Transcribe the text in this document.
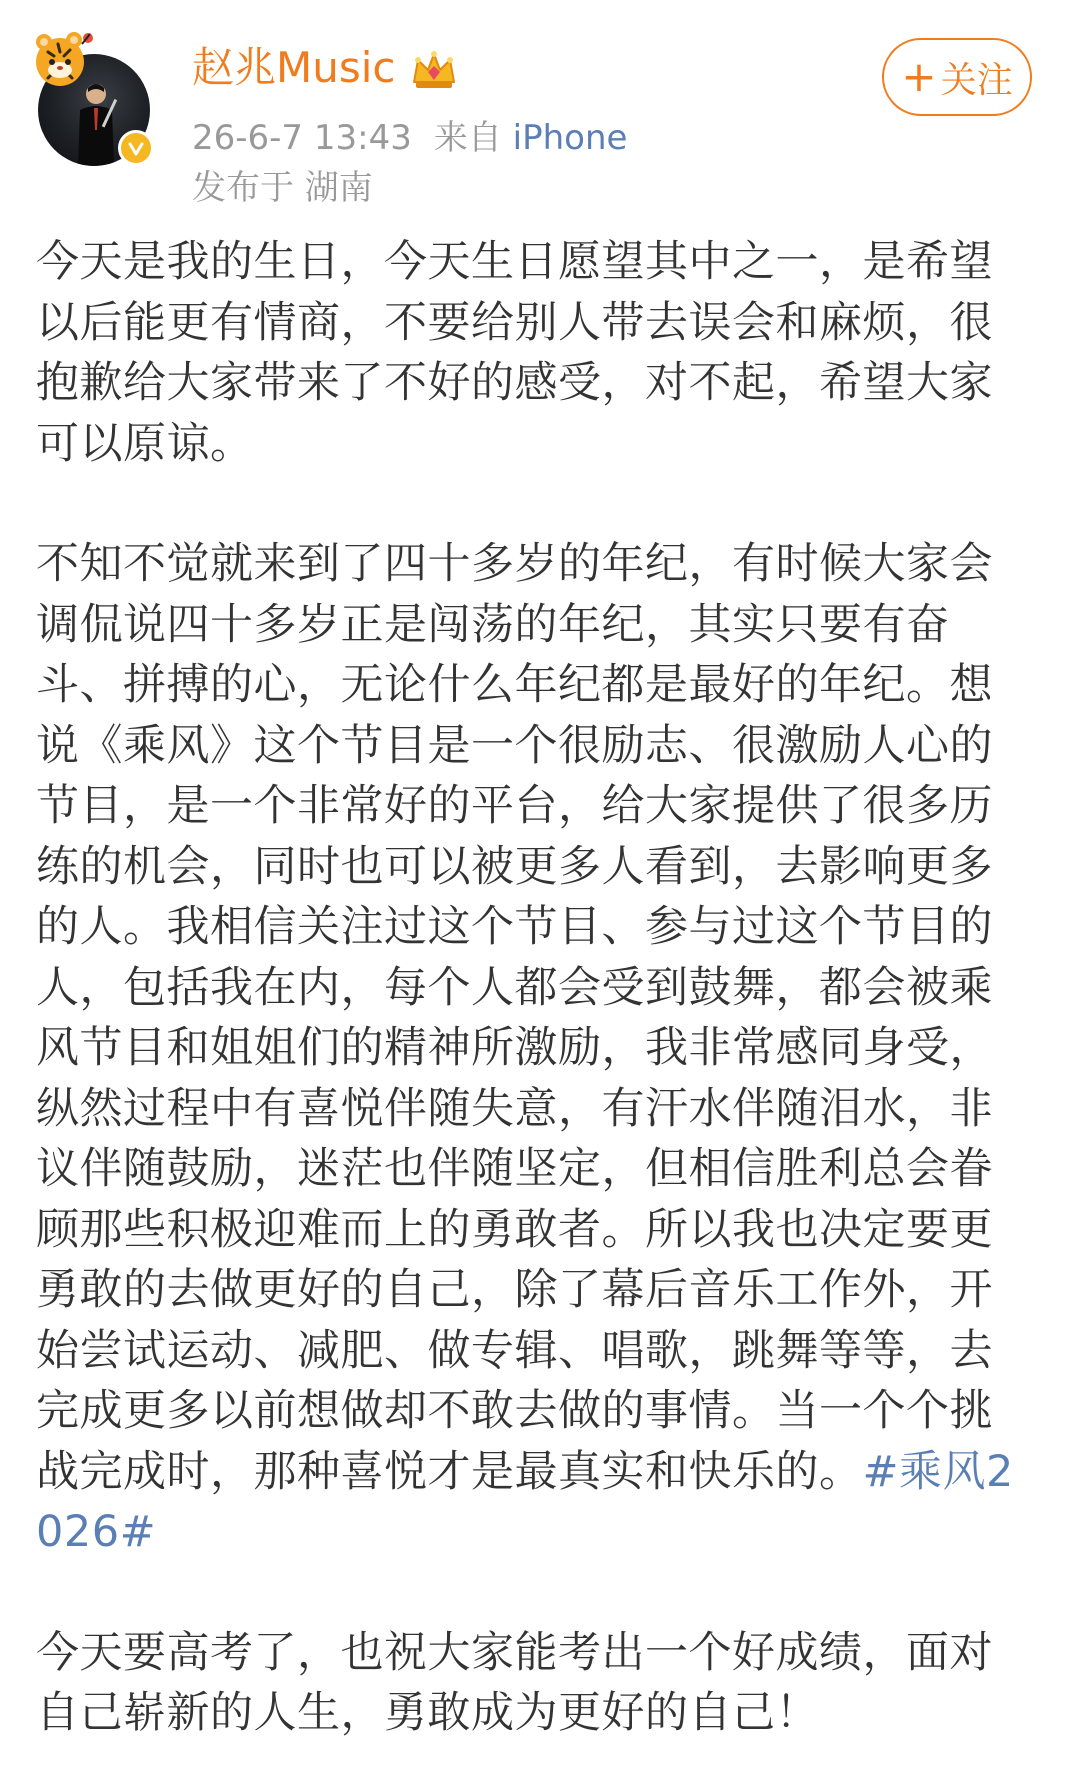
赵兆Music
26-6-7 13:43 来自 iPhone
发布于 湖南
+ 关注

今天是我的生日，今天生日愿望其中之一，是希望以后能更有情商，不要给别人带去误会和麻烦，很抱歉给大家带来了不好的感受，对不起，希望大家可以原谅。

不知不觉就来到了四十多岁的年纪，有时候大家会调侃说四十多岁正是闯荡的年纪，其实只要有奋斗、拼搏的心，无论什么年纪都是最好的年纪。想说《乘风》这个节目是一个很励志、很激励人心的节目，是一个非常好的平台，给大家提供了很多历练的机会，同时也可以被更多人看到，去影响更多的人。我相信关注过这个节目、参与过这个节目的人，包括我在内，每个人都会受到鼓舞，都会被乘风节目和姐姐们的精神所激励，我非常感同身受，纵然过程中有喜悦伴随失意，有汗水伴随泪水，非议伴随鼓励，迷茫也伴随坚定，但相信胜利总会眷顾那些积极迎难而上的勇敢者。所以我也决定要更勇敢的去做更好的自己，除了幕后音乐工作外，开始尝试运动、减肥、做专辑、唱歌，跳舞等等，去完成更多以前想做却不敢去做的事情。当一个个挑战完成时，那种喜悦才是最真实和快乐的。#乘风2026#

今天要高考了，也祝大家能考出一个好成绩，面对自己崭新的人生，勇敢成为更好的自己！
